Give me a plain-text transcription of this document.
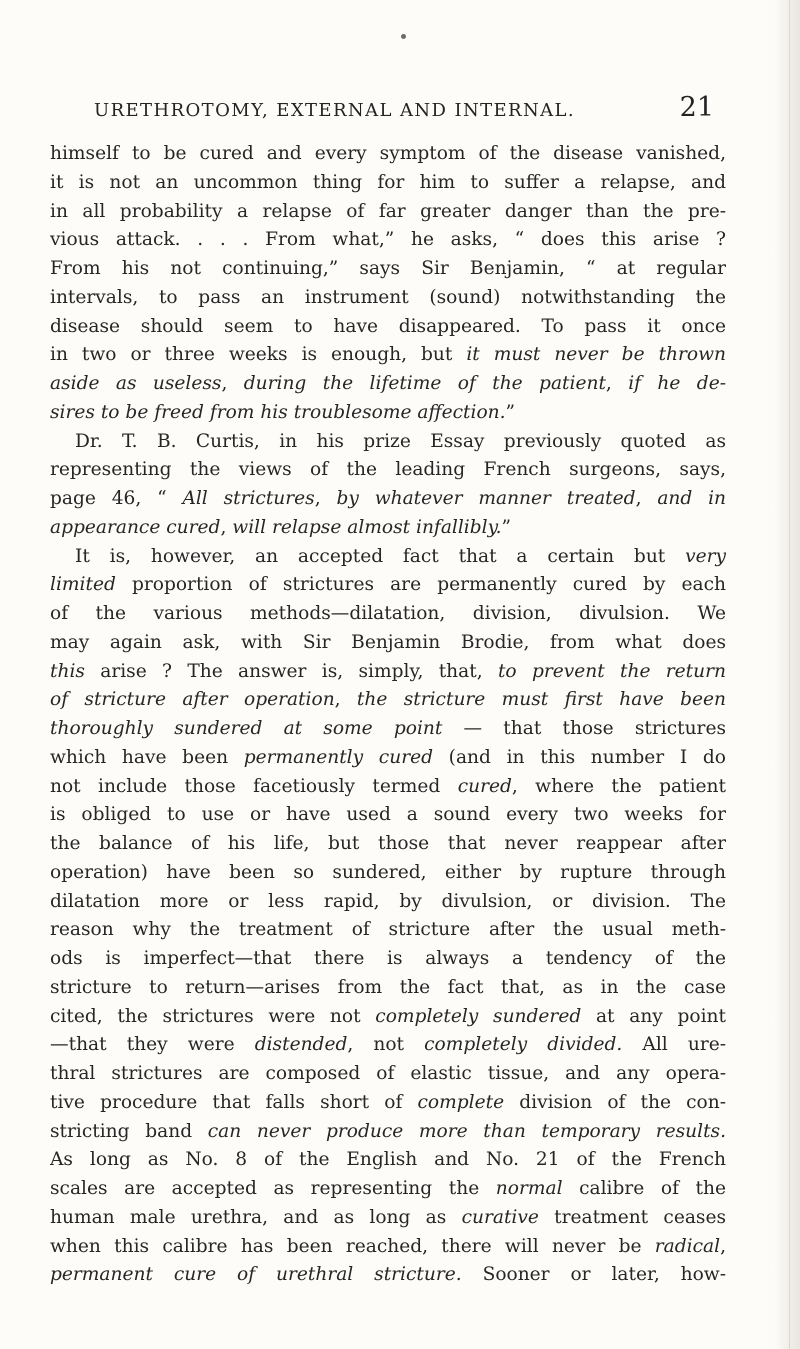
URETHROTOMY, EXTERNAL AND INTERNAL.	21
himself to be cured and every symptom of the disease vanished,
it is not an uncommon thing for him to suffer a relapse, and
in all probability a relapse of far greater danger than the pre-
vious attack. . . . From what,” he asks, “ does this arise ?
From his not continuing,” says Sir Benjamin, “ at regular
intervals, to pass an instrument (sound) notwithstanding the
disease should seem to have disappeared. To pass it once
in two or three weeks is enough, but it must never be thrown
aside as useless, during the lifetime of the patient, if he de-
sires to be freed from his troublesome affection.”
Dr. T. B. Curtis, in his prize Essay previously quoted as
representing the views of the leading French surgeons, says,
page 46, “ All strictures, by whatever manner treated, and in
appearance cured, will relapse almost infallibly.”
It is, however, an accepted fact that a certain but very
limited proportion of strictures are permanently cured by each
of the various methods—dilatation, division, divulsion. We
may again ask, with Sir Benjamin Brodie, from what does
this arise ? The answer is, simply, that, to prevent the return
of stricture after operation, the stricture must first have been
thoroughly sundered at some point — that those strictures
which have been permanently cured (and in this number I do
not include those facetiously termed cured, where the patient
is obliged to use or have used a sound every two weeks for
the balance of his life, but those that never reappear after
operation) have been so sundered, either by rupture through
dilatation more or less rapid, by divulsion, or division. The
reason why the treatment of stricture after the usual meth-
ods is imperfect—that there is always a tendency of the
stricture to return—arises from the fact that, as in the case
cited, the strictures were not completely sundered at any point
—that they were distended, not completely divided. All ure-
thral strictures are composed of elastic tissue, and any opera-
tive procedure that falls short of complete division of the con-
stricting band can never produce more than temporary results.
As long as No. 8 of the English and No. 21 of the French
scales are accepted as representing the normal calibre of the
human male urethra, and as long as curative treatment ceases
when this calibre has been reached, there will never be radical,
permanent cure of urethral stricture. Sooner or later, how-
